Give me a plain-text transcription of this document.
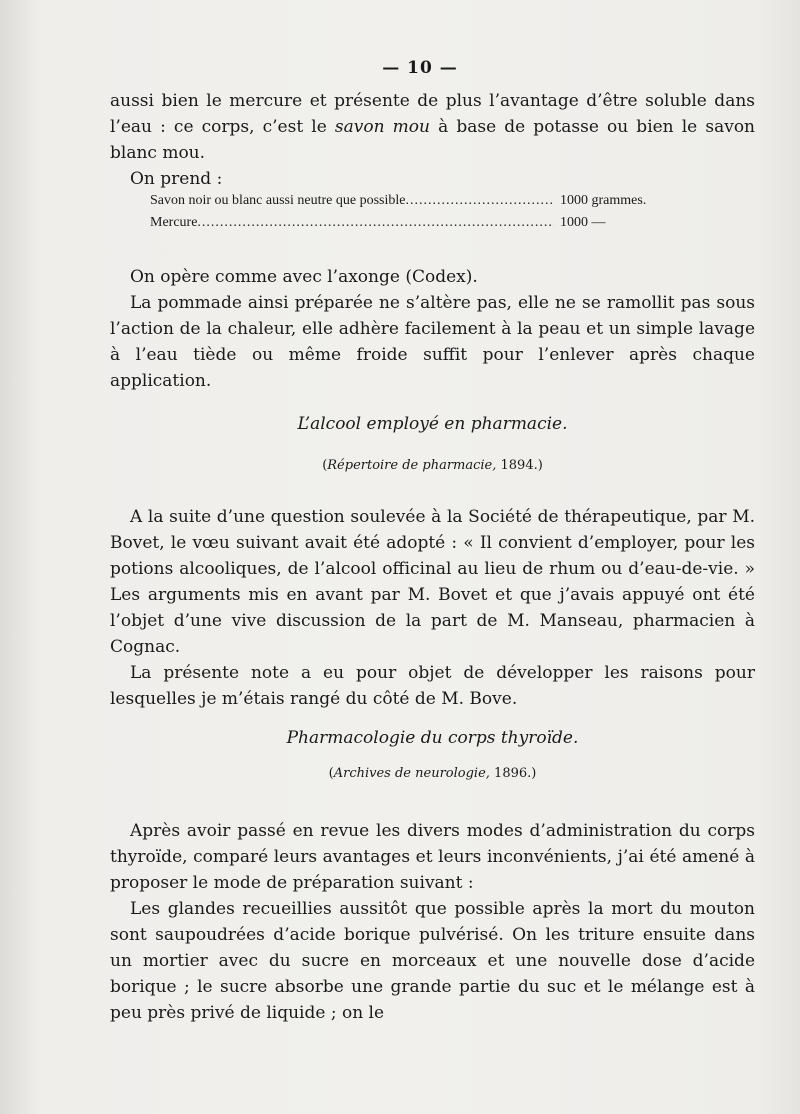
— 10 —

aussi bien le mercure et présente de plus l’avantage d’être soluble dans l’eau : ce corps, c’est le savon mou à base de potasse ou bien le savon blanc mou.

On prend :

Savon noir ou blanc aussi neutre que possible .....	1000 grammes.
Mercure .....	1000 —

On opère comme avec l’axonge (Codex).

La pommade ainsi préparée ne s’altère pas, elle ne se ramollit pas sous l’action de la chaleur, elle adhère facilement à la peau et un simple lavage à l’eau tiède ou même froide suffit pour l’enlever après chaque application.

L’alcool employé en pharmacie.
(Répertoire de pharmacie, 1894.)

A la suite d’une question soulevée à la Société de thérapeutique, par M. Bovet, le vœu suivant avait été adopté : « Il convient d’employer, pour les potions alcooliques, de l’alcool officinal au lieu de rhum ou d’eau-de-vie. » Les arguments mis en avant par M. Bovet et que j’avais appuyé ont été l’objet d’une vive discussion de la part de M. Manseau, pharmacien à Cognac.

La présente note a eu pour objet de développer les raisons pour lesquelles je m’étais rangé du côté de M. Bove.

Pharmacologie du corps thyroïde.
(Archives de neurologie, 1896.)

Après avoir passé en revue les divers modes d’administration du corps thyroïde, comparé leurs avantages et leurs inconvénients, j’ai été amené à proposer le mode de préparation suivant :

Les glandes recueillies aussitôt que possible après la mort du mouton sont saupoudrées d’acide borique pulvérisé. On les triture ensuite dans un mortier avec du sucre en morceaux et une nouvelle dose d’acide borique ; le sucre absorbe une grande partie du suc et le mélange est à peu près privé de liquide ; on le
